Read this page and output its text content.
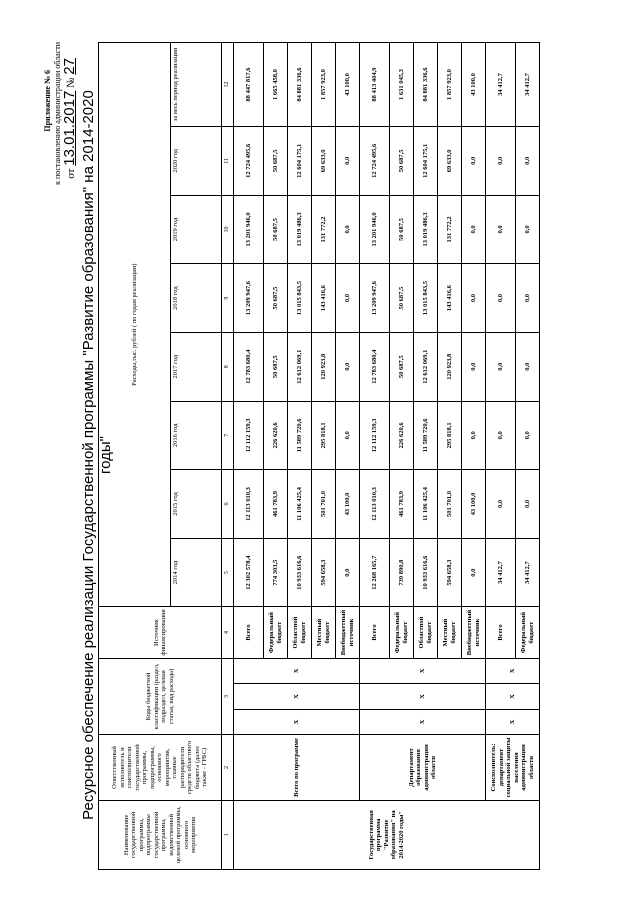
Приложение № 6 к постановлению администрации области от 13.01.2017 № 27
Ресурсное обеспечение реализации Государственной программы "Развитие образования" на 2014-2020 годы"
Наименование государственной программы, подпрограммы государственной программы, ведомственной целевой программы, основного мероприятия	Ответственный исполнитель и соисполнители государственной программы, подпрограммы, основного мероприятия, главные распорядители средств областного бюджета (далее также - ГРБС)	Коды бюджетной классификации (раздел, подраздел, целевая статья, вид расхода)			Источник финансирования	Расходы,тыс. рублей ( по годам реализации)							
						2014 год	2015 год	2016 год	2017 год	2018 год	2019 год	2020 год	за весь период реализации
1	2	3			4	5	6	7	8	9	10	11	12
Государственная программа "Развитие образования" на 2014-2020 годы"	Всего по программе	X	X	X	Всего	12 302 578,4	12 113 010,3	12 112 159,3	12 783 680,4	13 209 947,6	13 201 946,0	12 724 495,6	88 447 817,6
					Федеральный бюджет	774 303,5	461 783,9	226 620,6	50 687,5	50 687,5	50 687,5	50 687,5	1 665 458,0
					Областной бюджет	10 933 616,6	11 106 425,4	11 589 720,6	12 612 069,1	13 015 843,5	13 019 486,3	12 604 175,1	84 881 336,6
					Местный бюджет	594 658,3	501 701,0	295 818,1	120 923,8	143 416,6	131 772,2	69 633,0	1 857 923,0
					Внебюджетный источник	0,0	43 100,0	0,0	0,0	0,0	0,0	0,0	43 100,0
	Департамент образования администрации области	X	X	X	Всего	12 268 165,7	12 113 010,3	12 112 159,3	12 783 680,4	13 209 947,6	13 201 946,0	12 724 495,6	88 413 404,9
					Федеральный бюджет	739 890,8	461 783,9	226 620,6	50 687,5	50 687,5	50 687,5	50 687,5	1 631 045,3
					Областной бюджет	10 933 616,6	11 106 425,4	11 589 720,6	12 612 069,1	13 015 843,5	13 019 486,3	12 604 175,1	84 881 336,6
					Местный бюджет	594 658,3	501 701,0	295 818,1	120 923,8	143 416,6	131 772,2	69 633,0	1 857 923,0
					Внебюджетный источник	0,0	43 100,0	0,0	0,0	0,0	0,0	0,0	43 100,0
	Соисполнитель: департамент социальной защиты населения администрации области	X	X	X	Всего	34 412,7	0,0	0,0	0,0	0,0	0,0	0,0	34 412,7
					Федеральный бюджет	34 412,7	0,0	0,0	0,0	0,0	0,0	0,0	34 412,7
